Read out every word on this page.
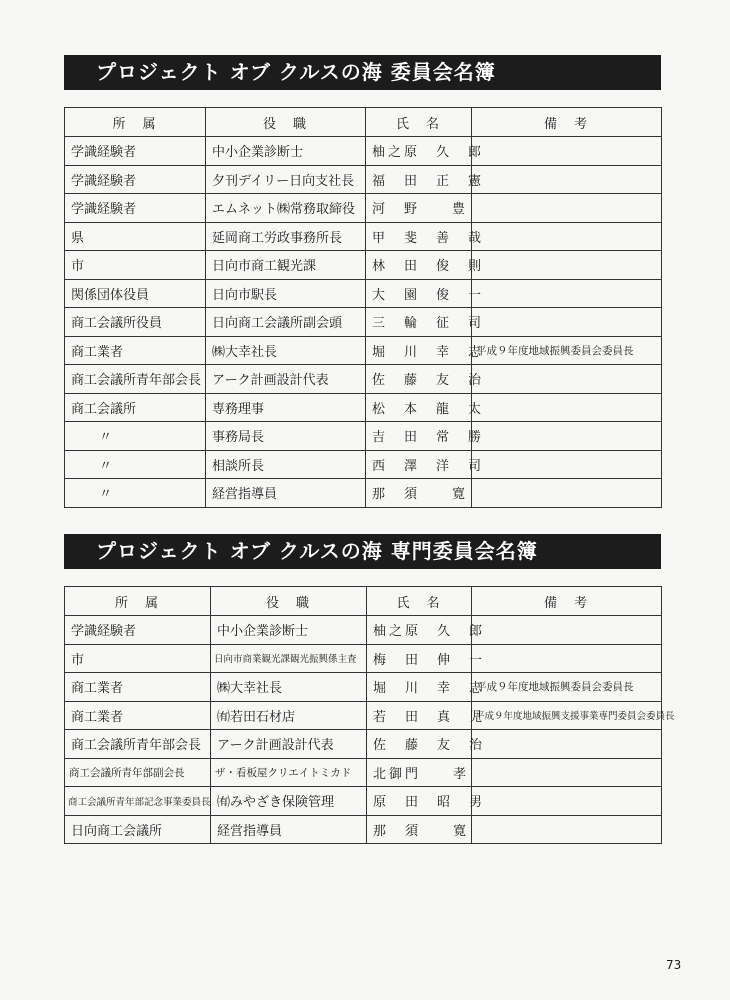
プロジェクト オブ クルスの海 委員会名簿
所　属	役　職	氏　名	備　考
学識経験者	中小企業診断士	柚之原　久　郎	
学識経験者	夕刊デイリー日向支社長	福　田　正　憲	
学識経験者	エムネット㈱常務取締役	河　野　　豊	
県	延岡商工労政事務所長	甲　斐　善　哉	
市	日向市商工観光課	林　田　俊　則	
関係団体役員	日向市駅長	大　園　俊　一	
商工会議所役員	日向商工会議所副会頭	三　輪　征　司	
商工業者	㈱大幸社長	堀　川　幸　志	平成９年度地域振興委員会委員長
商工会議所青年部会長	アーク計画設計代表	佐　藤　友　治	
商工会議所	専務理事	松　本　龍　太	
〃	事務局長	吉　田　常　勝	
〃	相談所長	西　澤　洋　司	
〃	経営指導員	那　須　　寛	
プロジェクト オブ クルスの海 専門委員会名簿
所　属	役　職	氏　名	備　考
学識経験者	中小企業診断士	柚之原　久　郎	
市	日向市商業観光課観光振興係主査	梅　田　伸　一	
商工業者	㈱大幸社長	堀　川　幸　志	平成９年度地域振興委員会委員長
商工業者	㈲若田石材店	若　田　真　児	平成９年度地域振興支援事業専門委員会委員長
商工会議所青年部会長	アーク計画設計代表	佐　藤　友　治	
商工会議所青年部副会長	ザ・看板屋クリエイトミカド	北御門　　孝	
商工会議所青年部記念事業委員長	㈲みやざき保険管理	原　田　昭　男	
日向商工会議所	経営指導員	那　須　　寛	
73
